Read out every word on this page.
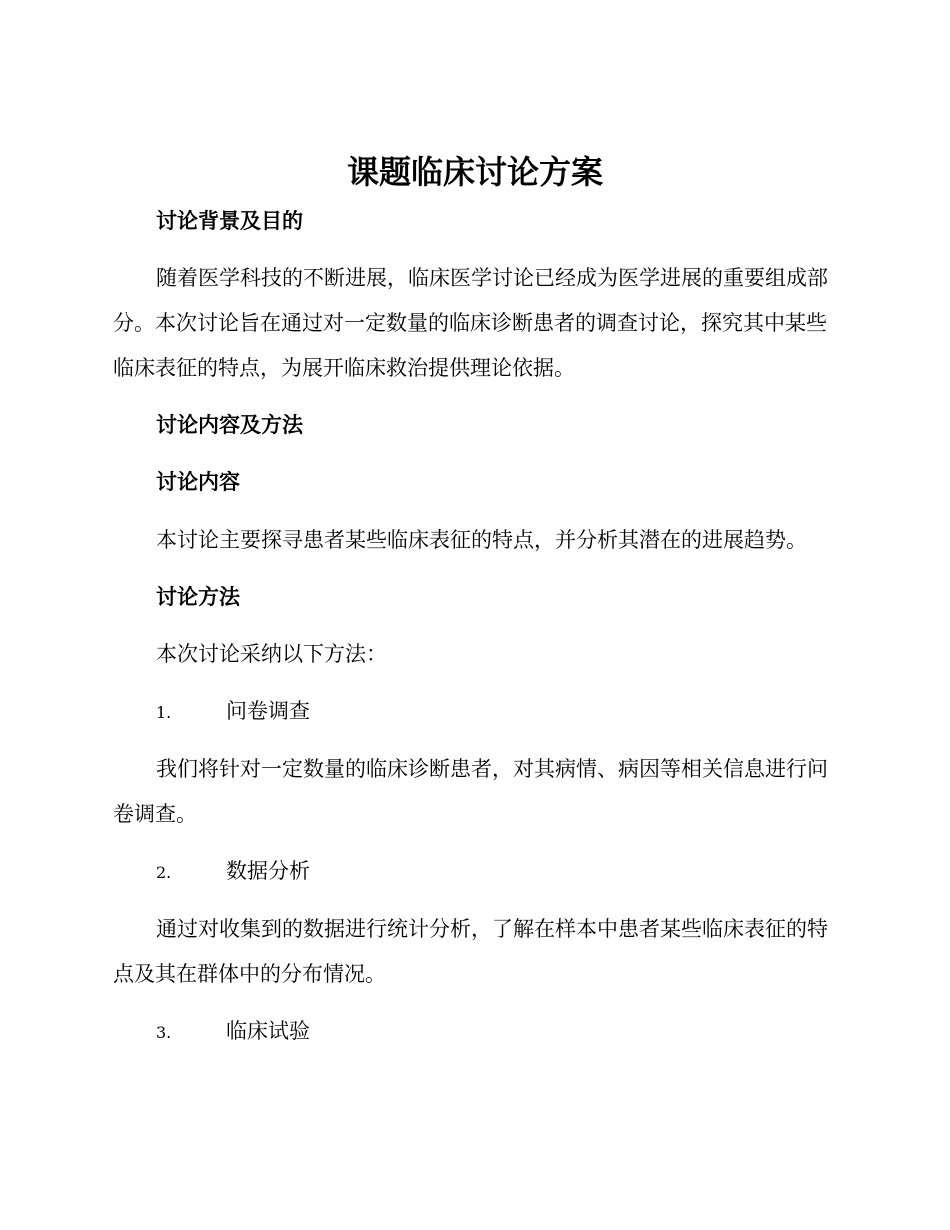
课题临床讨论方案
讨论背景及目的
随着医学科技的不断进展，临床医学讨论已经成为医学进展的重要组成部分。本次讨论旨在通过对一定数量的临床诊断患者的调查讨论，探究其中某些临床表征的特点，为展开临床救治提供理论依据。
讨论内容及方法
讨论内容
本讨论主要探寻患者某些临床表征的特点，并分析其潜在的进展趋势。
讨论方法
本次讨论采纳以下方法：
1.	问卷调查
我们将针对一定数量的临床诊断患者，对其病情、病因等相关信息进行问卷调查。
2.	数据分析
通过对收集到的数据进行统计分析，了解在样本中患者某些临床表征的特点及其在群体中的分布情况。
3.	临床试验
